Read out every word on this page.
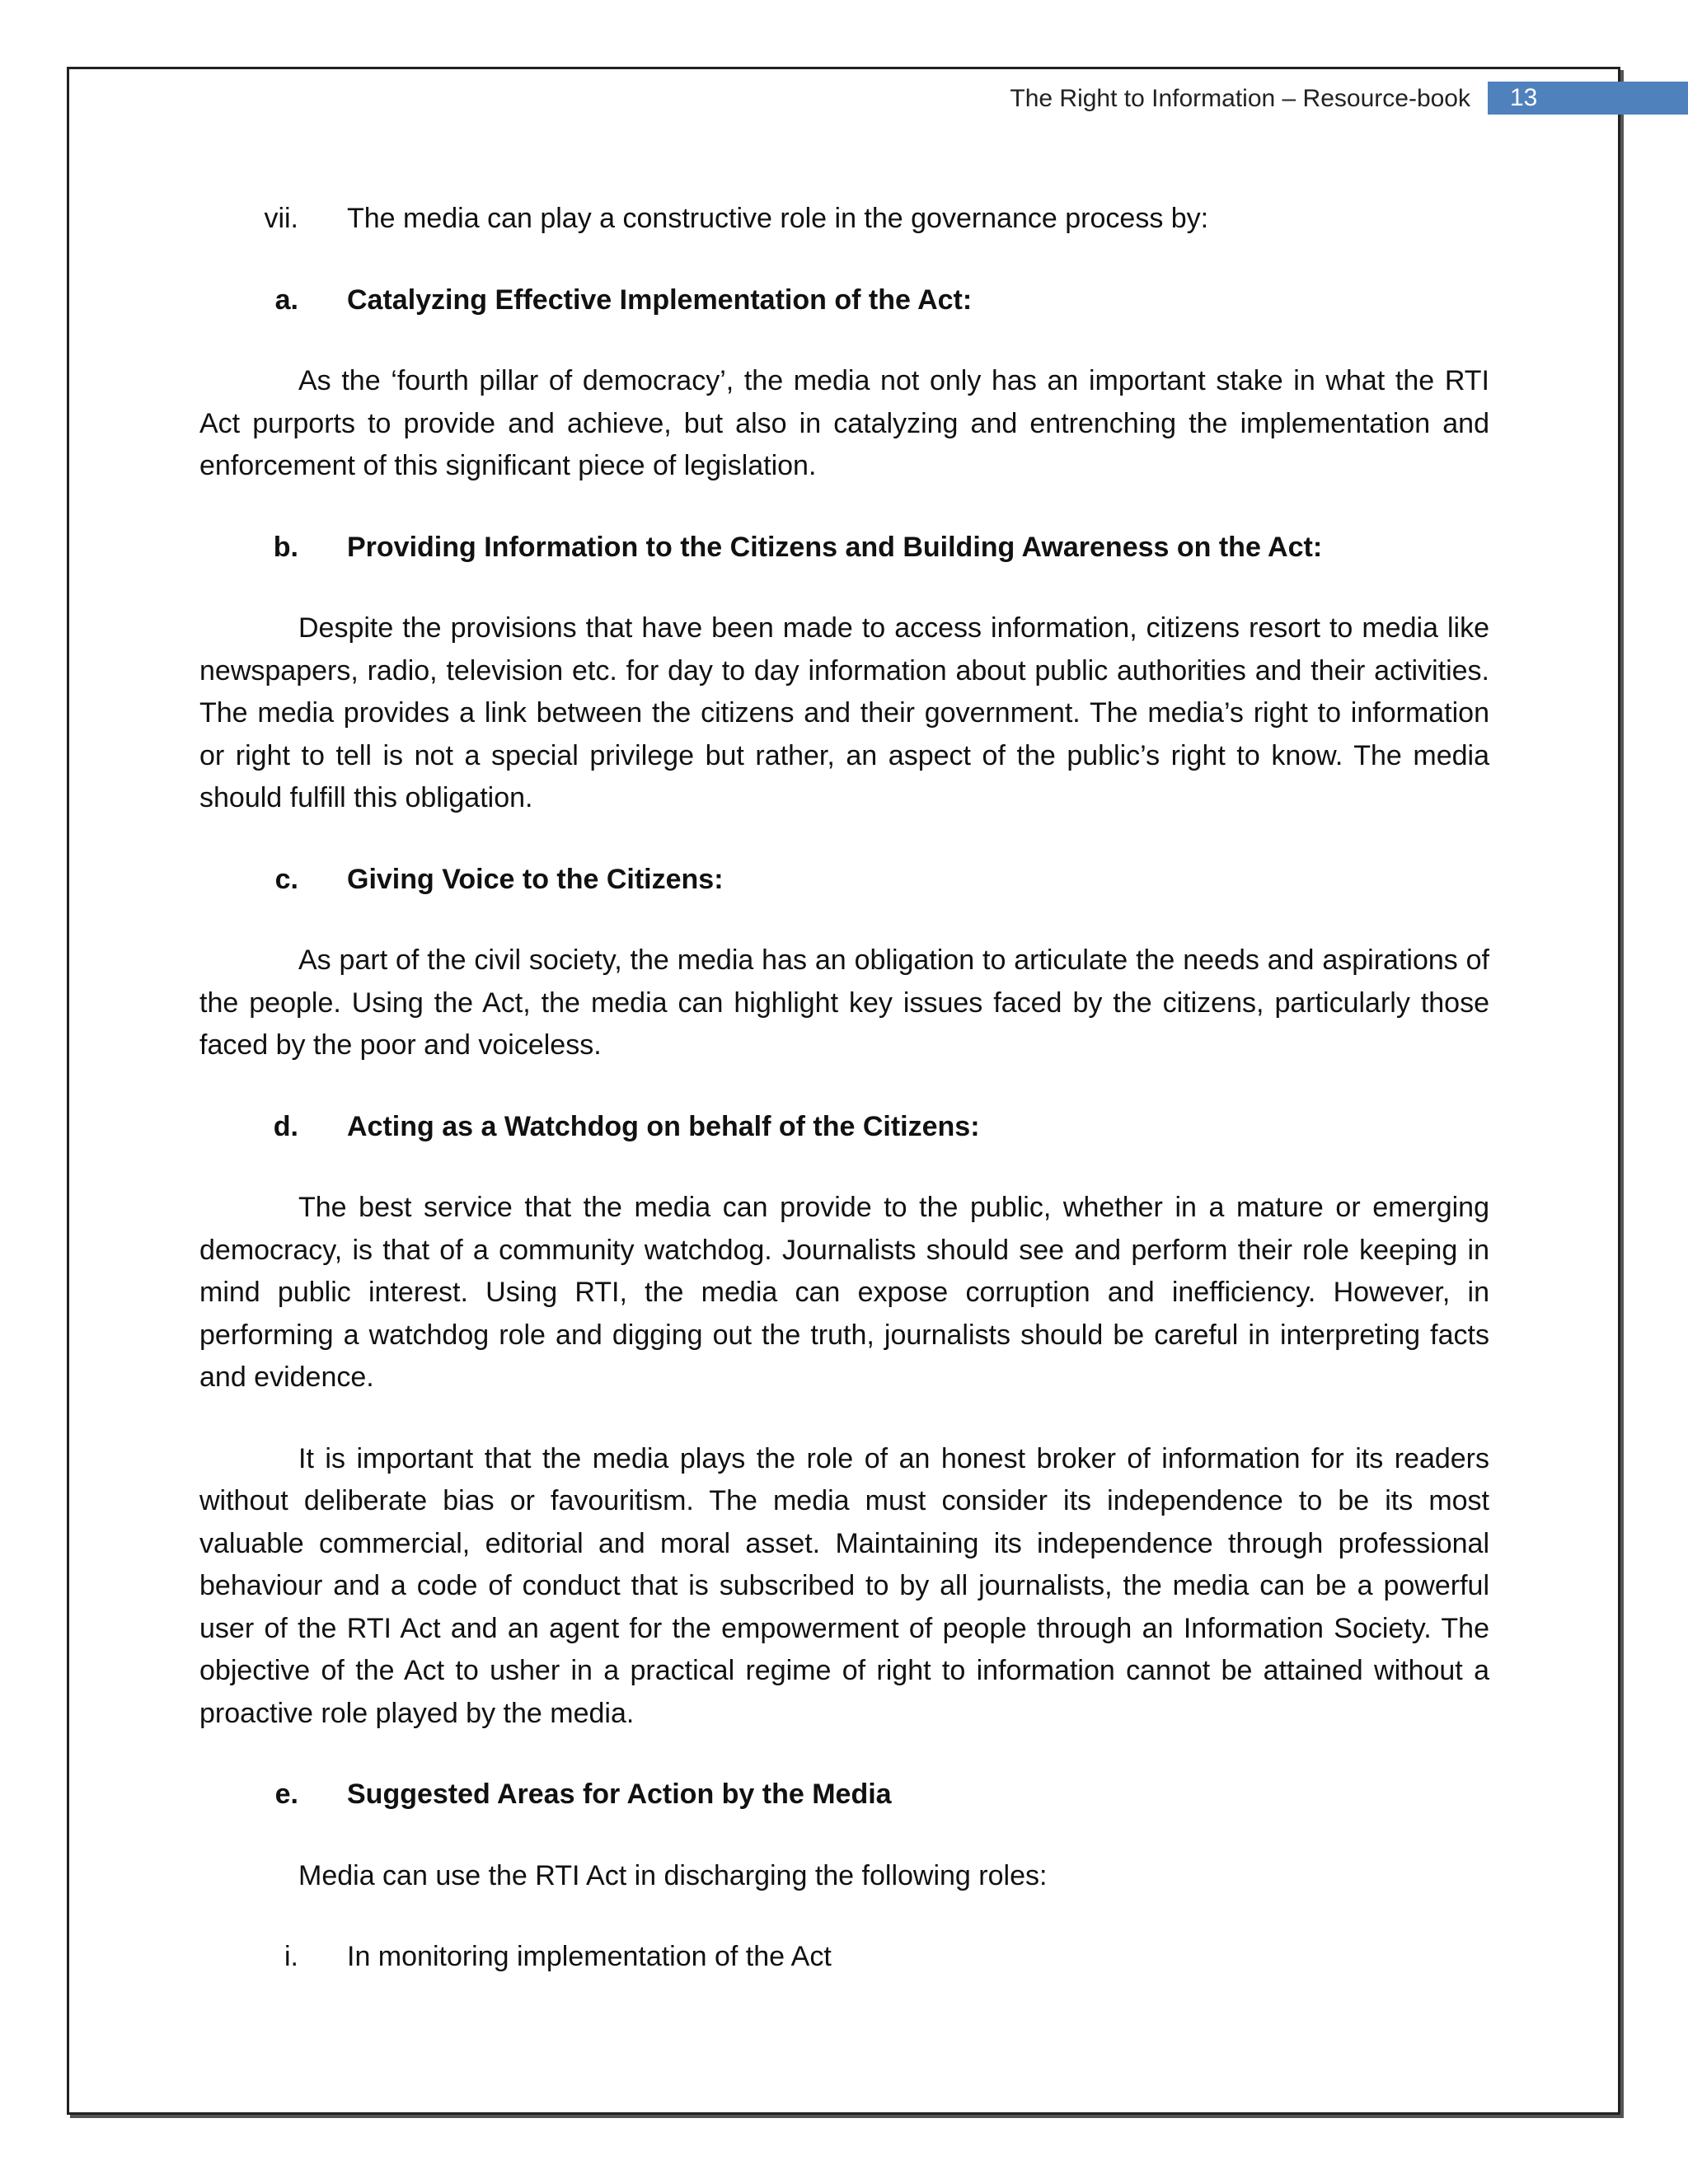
The Right to Information – Resource-book	13
vii. The media can play a constructive role in the governance process by:
a. Catalyzing Effective Implementation of the Act:

As the ‘fourth pillar of democracy’, the media not only has an important stake in what the RTI Act purports to provide and achieve, but also in catalyzing and entrenching the implementation and enforcement of this significant piece of legislation.

b. Providing Information to the Citizens and Building Awareness on the Act:

Despite the provisions that have been made to access information, citizens resort to media like newspapers, radio, television etc. for day to day information about public authorities and their activities. The media provides a link between the citizens and their government. The media’s right to information or right to tell is not a special privilege but rather, an aspect of the public’s right to know. The media should fulfill this obligation.

c. Giving Voice to the Citizens:

As part of the civil society, the media has an obligation to articulate the needs and aspirations of the people. Using the Act, the media can highlight key issues faced by the citizens, particularly those faced by the poor and voiceless.

d. Acting as a Watchdog on behalf of the Citizens:

The best service that the media can provide to the public, whether in a mature or emerging democracy, is that of a community watchdog. Journalists should see and perform their role keeping in mind public interest. Using RTI, the media can expose corruption and inefficiency. However, in performing a watchdog role and digging out the truth, journalists should be careful in interpreting facts and evidence.

It is important that the media plays the role of an honest broker of information for its readers without deliberate bias or favouritism. The media must consider its independence to be its most valuable commercial, editorial and moral asset. Maintaining its independence through professional behaviour and a code of conduct that is subscribed to by all journalists, the media can be a powerful user of the RTI Act and an agent for the empowerment of people through an Information Society. The objective of the Act to usher in a practical regime of right to information cannot be attained without a proactive role played by the media.

e. Suggested Areas for Action by the Media

Media can use the RTI Act in discharging the following roles:

i. In monitoring implementation of the Act
